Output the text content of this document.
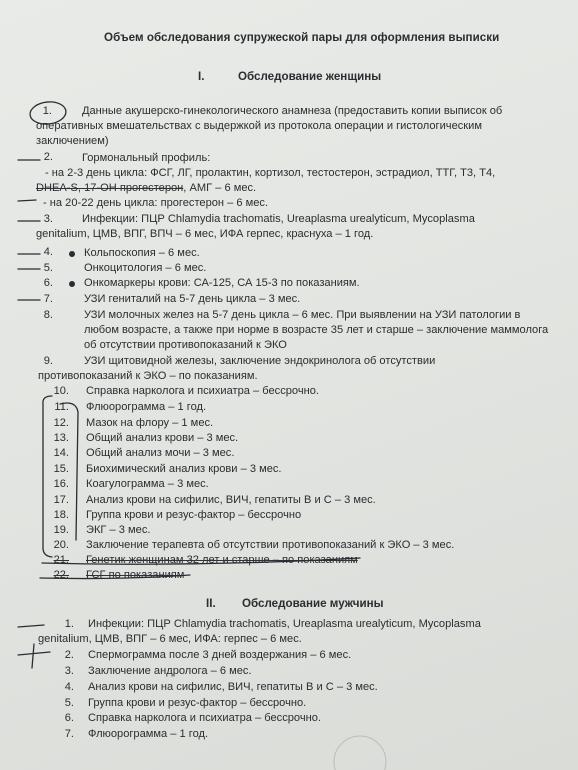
Объем обследования супружеской пары для оформления выписки
I.	Обследование женщины
1.	Данные акушерско-гинекологического анамнеза (предоставить копии выписок об
оперативных вмешательствах с выдержкой из протокола операции и гистологическим
заключением)
2.	Гормональный профиль:
- на 2-3 день цикла: ФСГ, ЛГ, пролактин, кортизол, тестостерон, эстрадиол, ТТГ, Т3, Т4,
DHEA-S, 17-ОН прогестерон, АМГ – 6 мес.
- на 20-22 день цикла: прогестерон – 6 мес.
3.	Инфекции: ПЦР Chlamydia trachomatis, Ureaplasma urealyticum, Mycoplasma
genitalium, ЦМВ, ВПГ, ВПЧ – 6 мес, ИФА герпес, краснуха – 1 год.
4.	Кольпоскопия – 6 мес.
5.	Онкоцитология – 6 мес.
6.	Онкомаркеры крови: СА-125, СА 15-3 по показаниям.
7.	УЗИ гениталий на 5-7 день цикла – 3 мес.
8.	УЗИ молочных желез на 5-7 день цикла – 6 мес. При выявлении на УЗИ патологии в
любом возрасте, а также при норме в возрасте 35 лет и старше – заключение маммолога
об отсутствии противопоказаний к ЭКО
9.	УЗИ щитовидной железы, заключение эндокринолога об отсутствии
противопоказаний к ЭКО – по показаниям.
10. Справка нарколога и психиатра – бессрочно.
11. Флюорограмма – 1 год.
12. Мазок на флору – 1 мес.
13. Общий анализ крови – 3 мес.
14. Общий анализ мочи – 3 мес.
15. Биохимический анализ крови – 3 мес.
16. Коагулограмма – 3 мес.
17. Анализ крови на сифилис, ВИЧ, гепатиты В и С – 3 мес.
18. Группа крови и резус-фактор – бессрочно
19. ЭКГ – 3 мес.
20. Заключение терапевта об отсутствии противопоказаний к ЭКО – 3 мес.
21. Генетик женщинам 32 лет и старше – по показаниям
22. ГСГ по показаниям
II. Обследование мужчины
1. Инфекции: ПЦР Chlamydia trachomatis, Ureaplasma urealyticum, Mycoplasma
genitalium, ЦМВ, ВПГ – 6 мес, ИФА: герпес – 6 мес.
2. Спермограмма после 3 дней воздержания – 6 мес.
3. Заключение андролога – 6 мес.
4. Анализ крови на сифилис, ВИЧ, гепатиты В и С – 3 мес.
5. Группа крови и резус-фактор – бессрочно.
6. Справка нарколога и психиатра – бессрочно.
7. Флюорограмма – 1 год.
